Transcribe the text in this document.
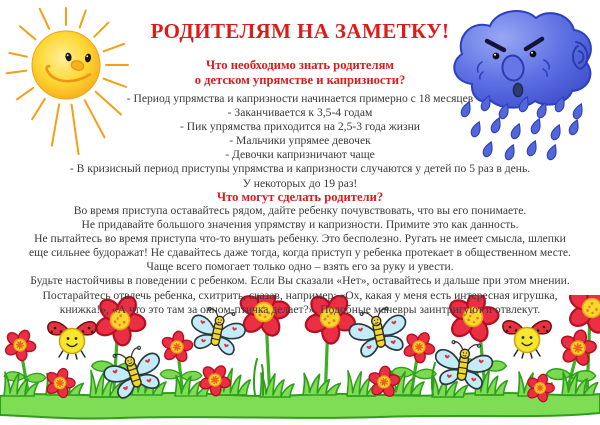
РОДИТЕЛЯМ НА ЗАМЕТКУ!
Что необходимо знать родителям
о детском упрямстве и капризности?
- Период упрямства и капризности начинается примерно с 18 месяцев
- Заканчивается к 3,5-4 годам
- Пик упрямства приходится на 2,5-3 года жизни
- Мальчики упрямее девочек
- Девочки капризничают чаще
- В кризисный период приступы упрямства и капризности случаются у детей по 5 раз в день.
У некоторых до 19 раз!
Что могут сделать родители?
Во время приступа оставайтесь рядом, дайте ребенку почувствовать, что вы его понимаете.
Не придавайте большого значения упрямству и капризности. Примите это как данность.
Не пытайтесь во время приступа что-то внушать ребенку. Это бесполезно. Ругать не имеет смысла, шлепки
еще сильнее будоражат! Не сдавайтесь даже тогда, когда приступ у ребенка протекает в общественном месте.
Чаще всего помогает только одно – взять его за руку и увести.
Будьте настойчивы в поведении с ребенком. Если Вы сказали «Нет», оставайтесь и дальше при этом мнении.
Постарайтесь отвлечь ребенка, схитрить, сказав, например: «Ох, какая у меня есть интересная игрушка,
книжка!», «А что это там за окном-птичка делает?». Подобные маневры заинтригуют и отвлекут.
